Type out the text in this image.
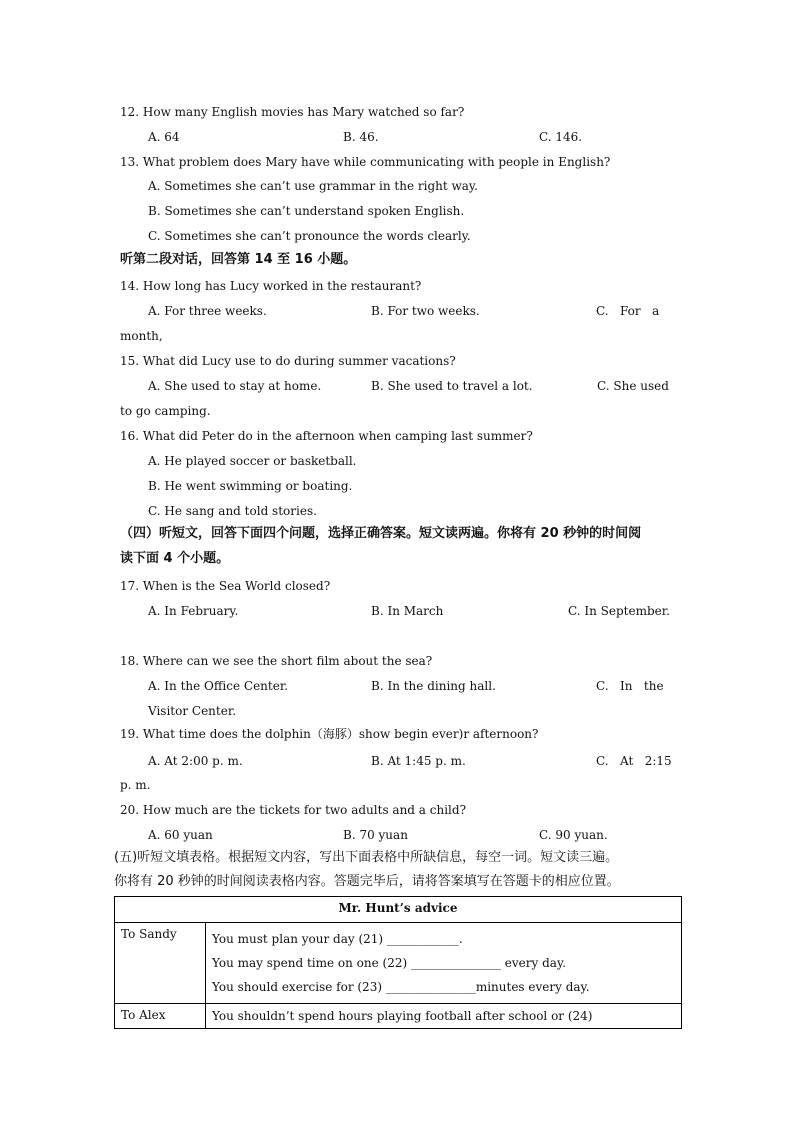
12. How many English movies has Mary watched so far?
A. 64	B. 46.	C. 146.
13. What problem does Mary have while communicating with people in English?
A. Sometimes she can’t use grammar in the right way.
B. Sometimes she can’t understand spoken English.
C. Sometimes she can’t pronounce the words clearly.
听第二段对话，回答第 14 至 16 小题。
14. How long has Lucy worked in the restaurant?
A. For three weeks.	B. For two weeks.	C.   For   a
month,
15. What did Lucy use to do during summer vacations?
A. She used to stay at home.	B. She used to travel a lot.	C. She used
to go camping.
16. What did Peter do in the afternoon when camping last summer?
A. He played soccer or basketball.
B. He went swimming or boating.
C. He sang and told stories.
（四）听短文，回答下面四个问题，选择正确答案。短文读两遍。你将有 20 秒钟的时间阅
读下面 4 个小题。
17. When is the Sea World closed?
A. In February.	B. In March	C. In September.
18. Where can we see the short film about the sea?
A. In the Office Center.	B. In the dining hall.	C.   In   the
Visitor Center.
19. What time does the dolphin（海豚）show begin ever)r afternoon?
A. At 2:00 p. m.	B. At 1:45 p. m.	C.   At   2:15
p. m.
20. How much are the tickets for two adults and a child?
A. 60 yuan	B. 70 yuan	C. 90 yuan.
(五)听短文填表格。根据短文内容，写出下面表格中所缺信息，每空一词。短文读三遍。
你将有 20 秒钟的时间阅读表格内容。答题完毕后，请将答案填写在答题卡的相应位置。
Mr. Hunt’s advice	
To Sandy	You must plan your day (21) ____________.
You may spend time on one (22) _______________ every day.
You should exercise for (23) _______________minutes every day.

To Alex	You shouldn’t spend hours playing football after school or (24)
